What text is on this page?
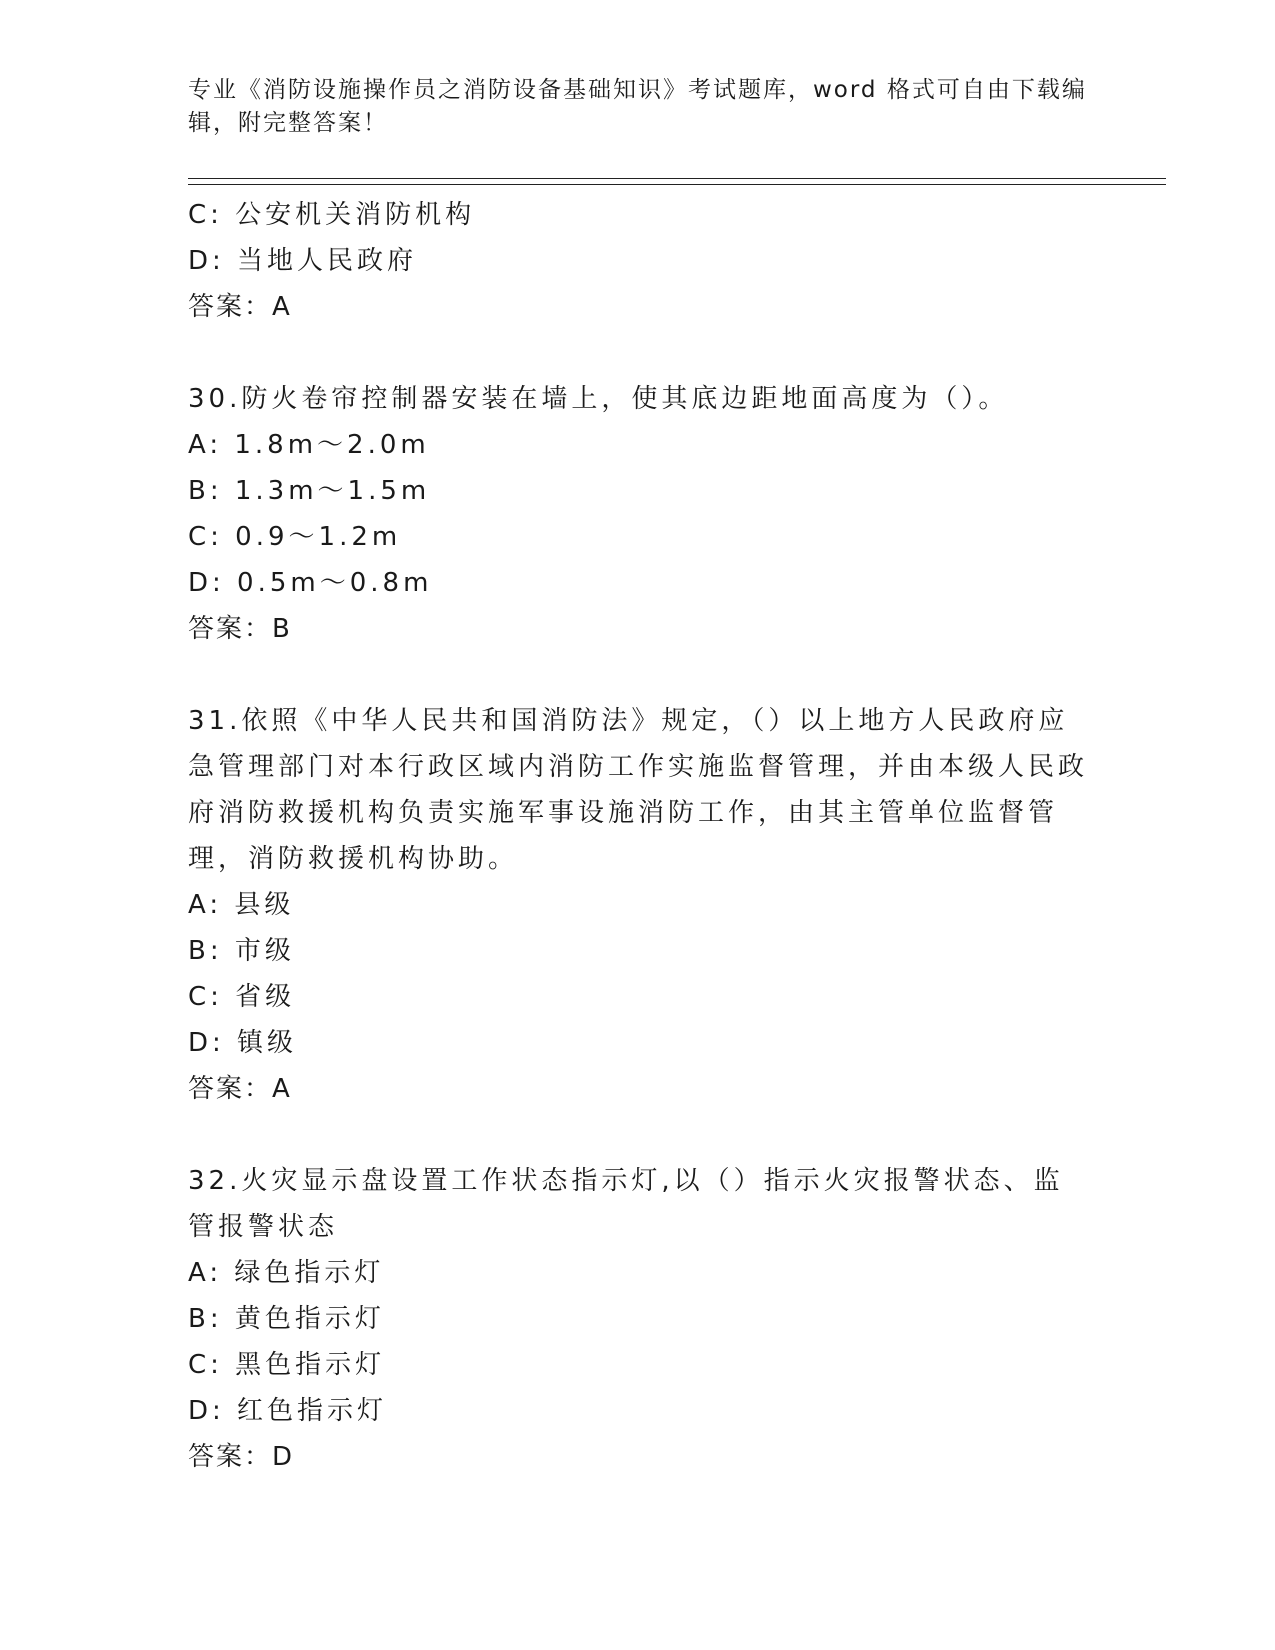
专业《消防设施操作员之消防设备基础知识》考试题库，word 格式可自由下载编辑，附完整答案！
C: 公安机关消防机构
D: 当地人民政府
答案：A
30.防火卷帘控制器安装在墙上，使其底边距地面高度为（）。
A: 1.8m～2.0m
B: 1.3m～1.5m
C: 0.9～1.2m
D: 0.5m～0.8m
答案：B
31.依照《中华人民共和国消防法》规定，（）以上地方人民政府应急管理部门对本行政区域内消防工作实施监督管理，并由本级人民政府消防救援机构负责实施军事设施消防工作，由其主管单位监督管理，消防救援机构协助。
A: 县级
B: 市级
C: 省级
D: 镇级
答案：A
32.火灾显示盘设置工作状态指示灯,以（）指示火灾报警状态、监管报警状态
A: 绿色指示灯
B: 黄色指示灯
C: 黑色指示灯
D: 红色指示灯
答案：D
